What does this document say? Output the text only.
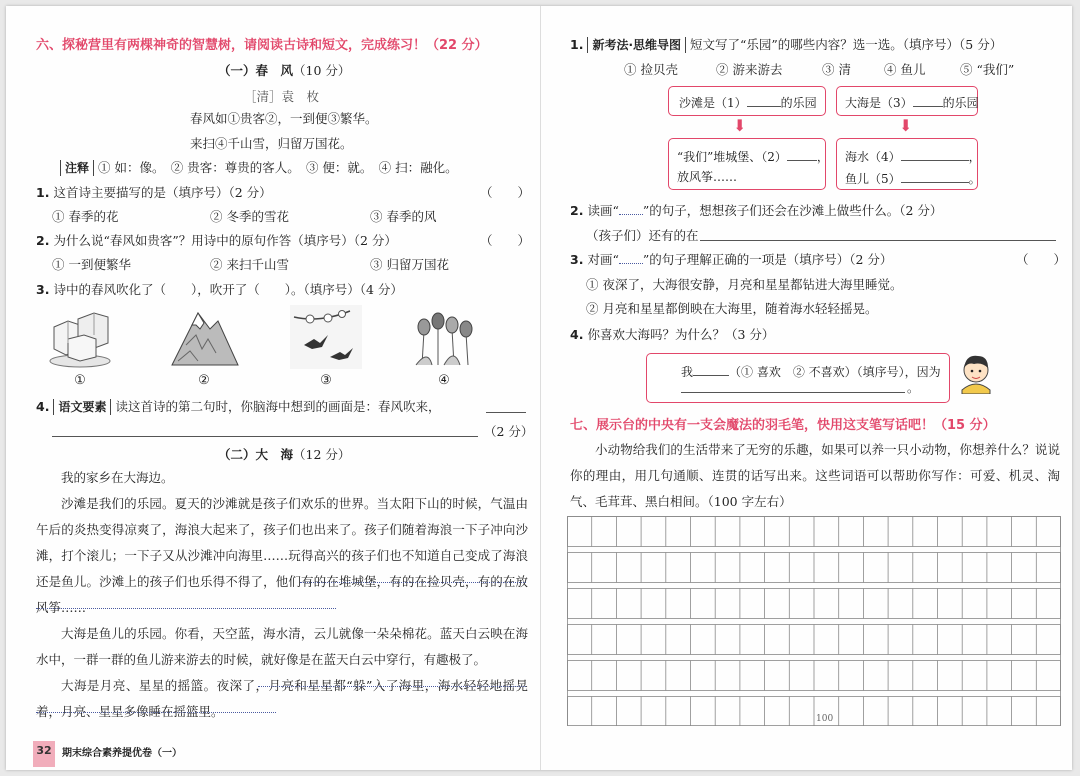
六、探秘营里有两棵神奇的智慧树，请阅读古诗和短文，完成练习！（22 分）
（一）春　风（10 分）
［清］袁　枚
春风如①贵客②，一到便③繁华。
来扫④千山雪，归留万国花。
注释 ① 如：像。　② 贵客：尊贵的客人。　③ 便：就。　④ 扫：融化。
1. 这首诗主要描写的是（填序号）（2 分）	（　　）
① 春季的花	② 冬季的雪花	③ 春季的风
2. 为什么说“春风如贵客”？用诗中的原句作答（填序号）（2 分）	（　　）
① 一到便繁华	② 来扫千山雪	③ 归留万国花
3. 诗中的春风吹化了（　　），吹开了（　　）。（填序号）（4 分）
①	②	③	④
4. 语文要素 读这首诗的第二句时，你脑海中想到的画面是：春风吹来，
（2 分）
（二）大　海（12 分）

我的家乡在大海边。

沙滩是我们的乐园。夏天的沙滩就是孩子们欢乐的世界。当太阳下山的时候，气温由午后的炎热变得凉爽了，海浪大起来了，孩子们也出来了。孩子们随着海浪一下子冲向沙滩，打个滚儿；一下子又从沙滩冲向海里……玩得高兴的孩子们也不知道自己变成了海浪还是鱼儿。沙滩上的孩子们也乐得不得了，他们有的在堆城堡，有的在捡贝壳，有的在放风筝……

大海是鱼儿的乐园。你看，天空蓝，海水清，云儿就像一朵朵棉花。蓝天白云映在海水中，一群一群的鱼儿游来游去的时候，就好像是在蓝天白云中穿行，有趣极了。

大海是月亮、星星的摇篮。夜深了，月亮和星星都“躲”入了海里，海水轻轻地摇晃着，月亮、星星多像睡在摇篮里。

32	期末综合素养提优卷（一）
1. 新考法·思维导图 短文写了“乐园”的哪些内容？选一选。（填序号）（5 分）
① 捡贝壳	② 游来游去	③ 清	④ 鱼儿	⑤ “我们”
沙滩是（1）	的乐园 大海是（3）	的乐园
⬇	⬇
“我们”堆城堡、（2）	，
放风筝……
海水（4）	，
鱼儿（5）	。
2. 读画“ ”的句子，想想孩子们还会在沙滩上做些什么。（2 分）
（孩子们）还有的在
3. 对画“ ”的句子理解正确的一项是（填序号）（2 分）	（　　）
① 夜深了，大海很安静，月亮和星星都钻进大海里睡觉。
② 月亮和星星都倒映在大海里，随着海水轻轻摇晃。
4. 你喜欢大海吗？为什么？（3 分）
我	（① 喜欢　② 不喜欢）（填序号），因为
。
七、展示台的中央有一支会魔法的羽毛笔，快用这支笔写话吧！（15 分）

小动物给我们的生活带来了无穷的乐趣，如果可以养一只小动物，你想养什么？说说你的理由，用几句通顺、连贯的话写出来。这些词语可以帮助你写作：可爱、机灵、淘气、毛茸茸、黑白相间。（100 字左右）

100
